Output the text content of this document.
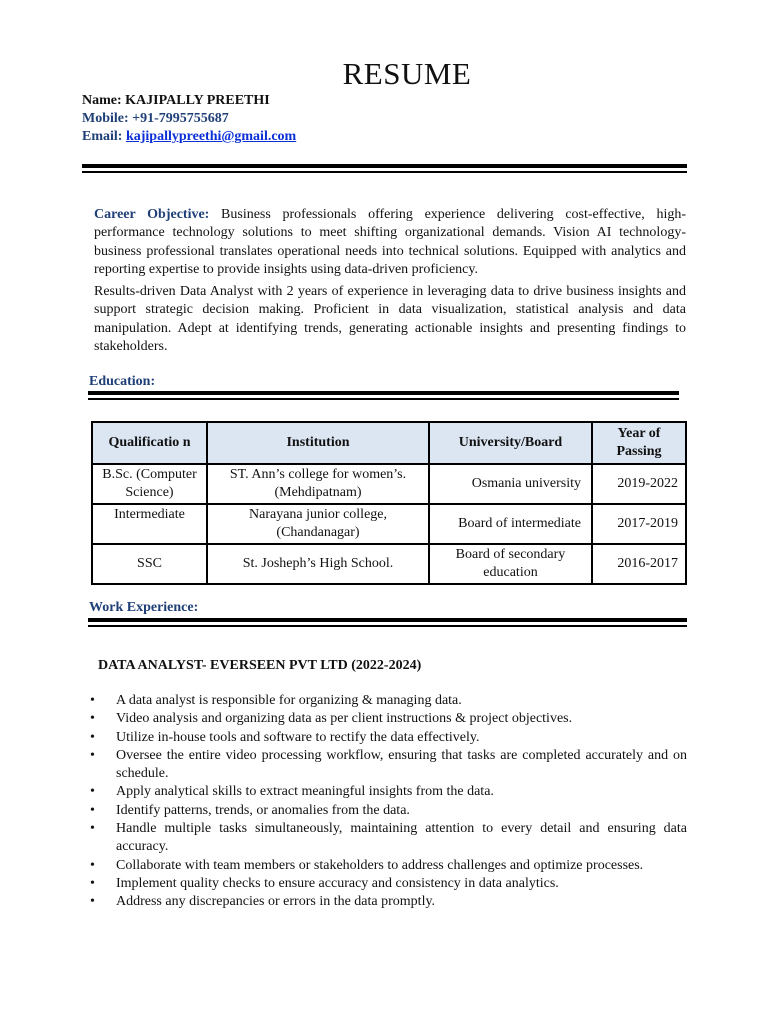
RESUME
Name: KAJIPALLY PREETHI
Mobile: +91-7995755687
Email: kajipallypreethi@gmail.com
Career Objective: Business professionals offering experience delivering cost-effective, high-performance technology solutions to meet shifting organizational demands. Vision AI technology-business professional translates operational needs into technical solutions. Equipped with analytics and reporting expertise to provide insights using data-driven proficiency.
Results-driven Data Analyst with 2 years of experience in leveraging data to drive business insights and support strategic decision making. Proficient in data visualization, statistical analysis and data manipulation. Adept at identifying trends, generating actionable insights and presenting findings to stakeholders.
Education:
Qualificatio n	Institution	University/Board	Year of Passing
B.Sc. (Computer Science)	ST. Ann’s college for women’s. (Mehdipatnam)	Osmania university	2019-2022
Intermediate	Narayana junior college, (Chandanagar)	Board of intermediate	2017-2019
SSC	St. Josheph’s High School.	Board of secondary education	2016-2017
Work Experience:
DATA ANALYST- EVERSEEN PVT LTD (2022-2024)
• A data analyst is responsible for organizing & managing data.
• Video analysis and organizing data as per client instructions & project objectives.
• Utilize in-house tools and software to rectify the data effectively.
• Oversee the entire video processing workflow, ensuring that tasks are completed accurately and on schedule.
• Apply analytical skills to extract meaningful insights from the data.
• Identify patterns, trends, or anomalies from the data.
• Handle multiple tasks simultaneously, maintaining attention to every detail and ensuring data accuracy.
• Collaborate with team members or stakeholders to address challenges and optimize processes.
• Implement quality checks to ensure accuracy and consistency in data analytics.
• Address any discrepancies or errors in the data promptly.
